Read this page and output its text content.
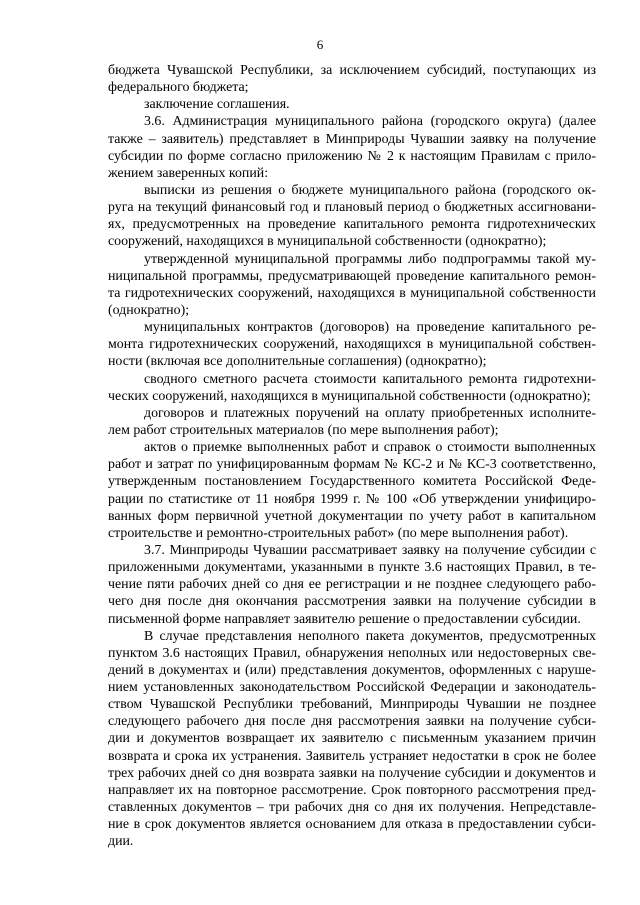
6
бюджета Чувашской Республики, за исключением субсидий, поступающих из
федерального бюджета;
заключение соглашения.
3.6. Администрация муниципального района (городского округа) (далее
также – заявитель) представляет в Минприроды Чувашии заявку на получение
субсидии по форме согласно приложению № 2 к настоящим Правилам с прило-
жением заверенных копий:
выписки из решения о бюджете муниципального района (городского ок-
руга на текущий финансовый год и плановый период о бюджетных ассигновани-
ях, предусмотренных на проведение капитального ремонта гидротехнических
сооружений, находящихся в муниципальной собственности (однократно);
утвержденной муниципальной программы либо подпрограммы такой му-
ниципальной программы, предусматривающей проведение капитального ремон-
та гидротехнических сооружений, находящихся в муниципальной собственности
(однократно);
муниципальных контрактов (договоров) на проведение капитального ре-
монта гидротехнических сооружений, находящихся в муниципальной собствен-
ности (включая все дополнительные соглашения) (однократно);
сводного сметного расчета стоимости капитального ремонта гидротехни-
ческих сооружений, находящихся в муниципальной собственности (однократно);
договоров и платежных поручений на оплату приобретенных исполните-
лем работ строительных материалов (по мере выполнения работ);
актов о приемке выполненных работ и справок о стоимости выполненных
работ и затрат по унифицированным формам № КС-2 и № КС-3 соответственно,
утвержденным постановлением Государственного комитета Российской Феде-
рации по статистике от 11 ноября 1999 г. № 100 «Об утверждении унифициро-
ванных форм первичной учетной документации по учету работ в капитальном
строительстве и ремонтно-строительных работ» (по мере выполнения работ).
3.7. Минприроды Чувашии рассматривает заявку на получение субсидии с
приложенными документами, указанными в пункте 3.6 настоящих Правил, в те-
чение пяти рабочих дней со дня ее регистрации и не позднее следующего рабо-
чего дня после дня окончания рассмотрения заявки на получение субсидии в
письменной форме направляет заявителю решение о предоставлении субсидии.
В случае представления неполного пакета документов, предусмотренных
пунктом 3.6 настоящих Правил, обнаружения неполных или недостоверных све-
дений в документах и (или) представления документов, оформленных с наруше-
нием установленных законодательством Российской Федерации и законодатель-
ством Чувашской Республики требований, Минприроды Чувашии не позднее
следующего рабочего дня после дня рассмотрения заявки на получение субси-
дии и документов возвращает их заявителю с письменным указанием причин
возврата и срока их устранения. Заявитель устраняет недостатки в срок не более
трех рабочих дней со дня возврата заявки на получение субсидии и документов и
направляет их на повторное рассмотрение. Срок повторного рассмотрения пред-
ставленных документов – три рабочих дня со дня их получения. Непредставле-
ние в срок документов является основанием для отказа в предоставлении субси-
дии.
